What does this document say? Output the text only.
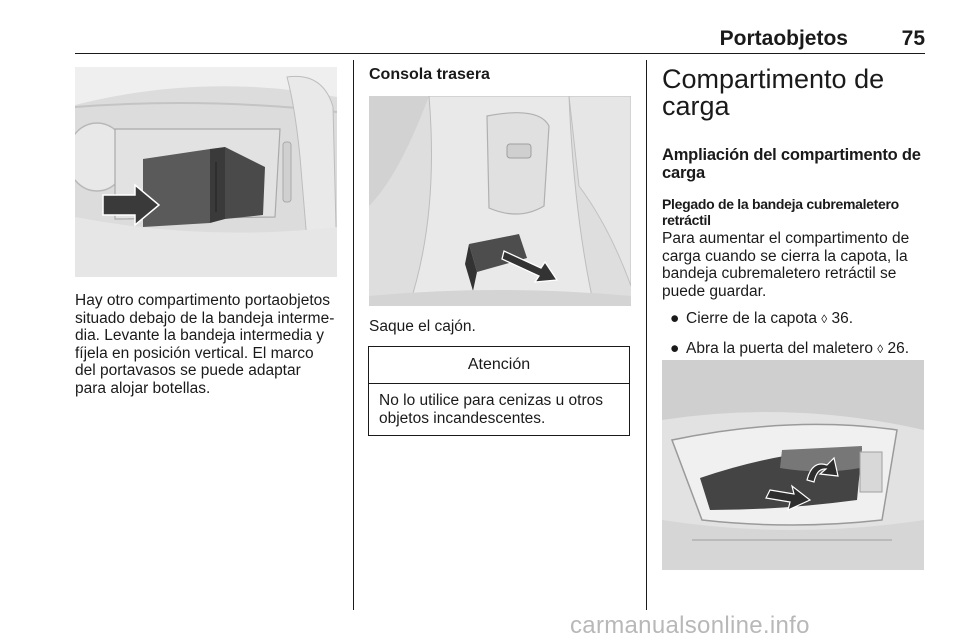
Portaobjetos	75
Hay otro compartimento portaobjetos
situado debajo de la bandeja interme-
dia. Levante la bandeja intermedia y
fíjela en posición vertical. El marco
del portavasos se puede adaptar
para alojar botellas.
Consola trasera
Saque el cajón.
Atención
No lo utilice para cenizas u otros
objetos incandescentes.
Compartimento de
carga
Ampliación del compartimento de
carga
Plegado de la bandeja cubremaletero
retráctil
Para aumentar el compartimento de
carga cuando se cierra la capota, la
bandeja cubremaletero retráctil se
puede guardar.
● Cierre de la capota ◊ 36.
● Abra la puerta del maletero ◊ 26.
carmanualsonline.info
